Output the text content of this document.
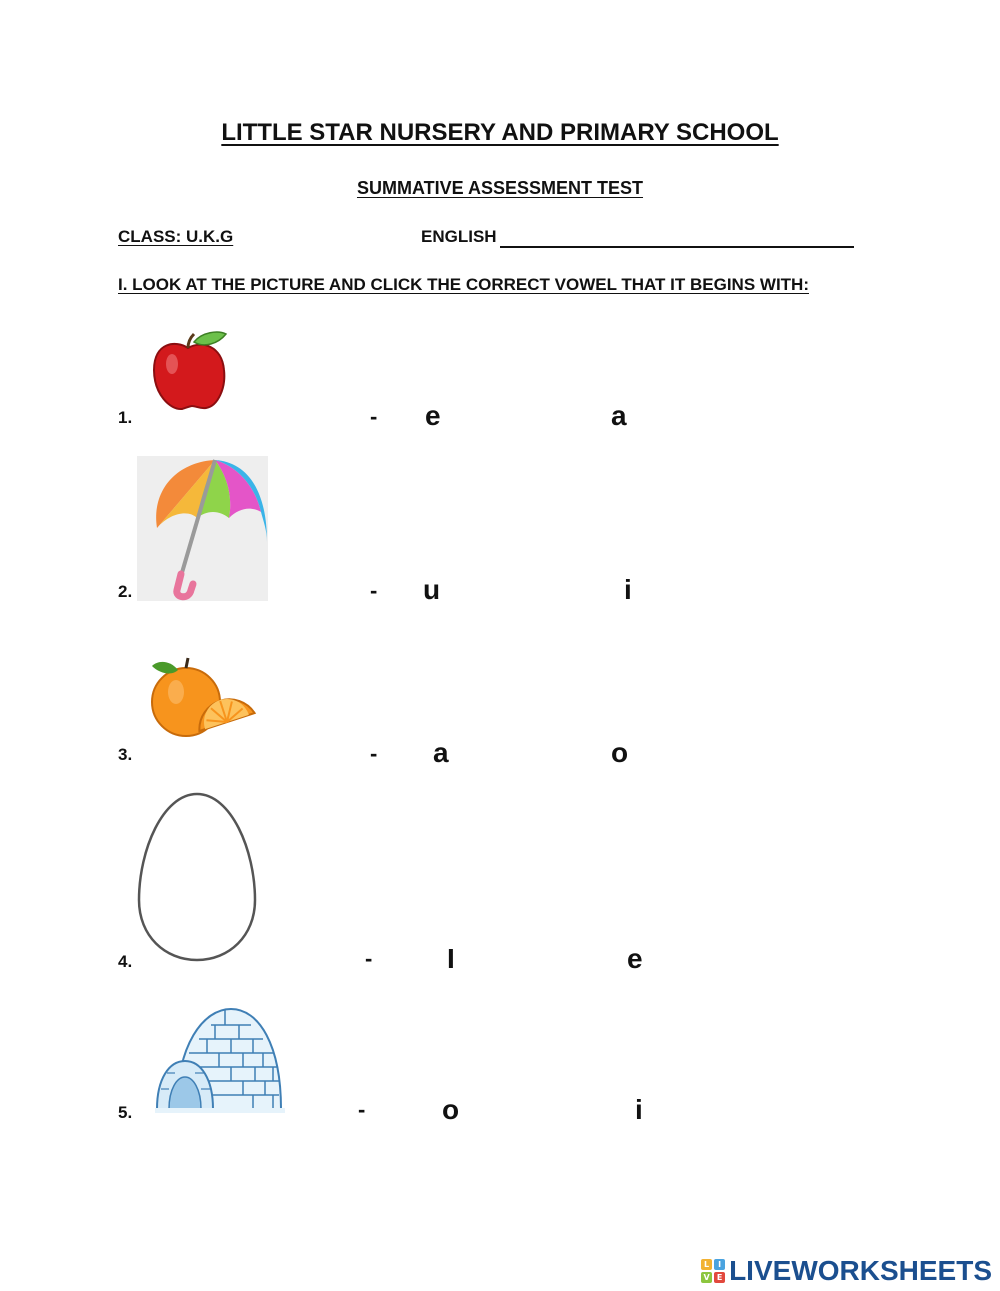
LITTLE STAR NURSERY AND PRIMARY SCHOOL
SUMMATIVE ASSESSMENT TEST
CLASS: U.K.G	ENGLISH
I. LOOK AT THE PICTURE AND CLICK THE CORRECT VOWEL THAT IT BEGINS WITH:
1.	- e	a
2.	- u	i
3.	- a	o
4.	-	I	e
5.	-	o	i
L	I
V E LIVEWORKSHEETS
